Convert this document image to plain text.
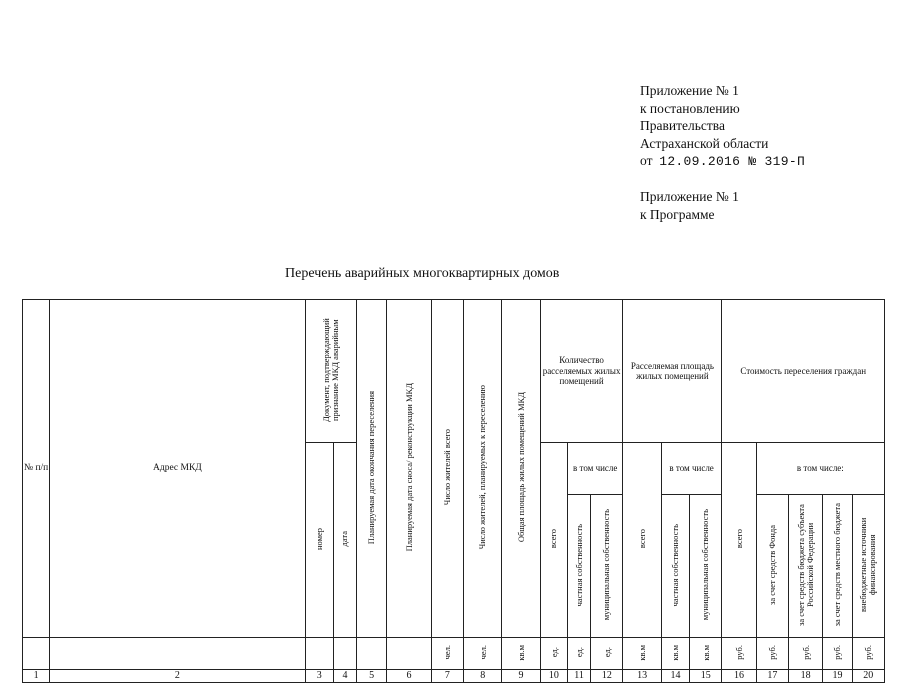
Приложение № 1
к постановлению
Правительства
Астраханской области
от 12.09.2016 № 319-П
Приложение № 1
к Программе
Перечень аварийных многоквартирных домов
№ п/п	Адрес МКД	Документ, подтверждающий признание МКД аварийным		Планируемая дата окончания переселения	Планируемая дата сноса/ реконструкции МКД	Число жителей всего	Число жителей, планируемых к переселению	Общая площадь жилых помещений МКД	Количество расселяемых жилых помещений			Расселяемая площадь жилых помещений			Стоимость переселения граждан				
		номер	дата						всего	в том числе		всего	в том числе		всего	в том числе:			
										частная собственность	муниципальная собственность		частная собственность	муниципальная собственность		за счет средств Фонда	за счет средств бюджета субъекта Российской Федерации	за счет средств местного бюджета	внебюджетные источники финансирования
						чел.	чел.	кв.м	ед.	ед.	ед.	кв.м	кв.м	кв.м	руб.	руб.	руб.	руб.	руб.
1	2	3	4	5	6	7	8	9	10	11	12	13	14	15	16	17	18	19	20
